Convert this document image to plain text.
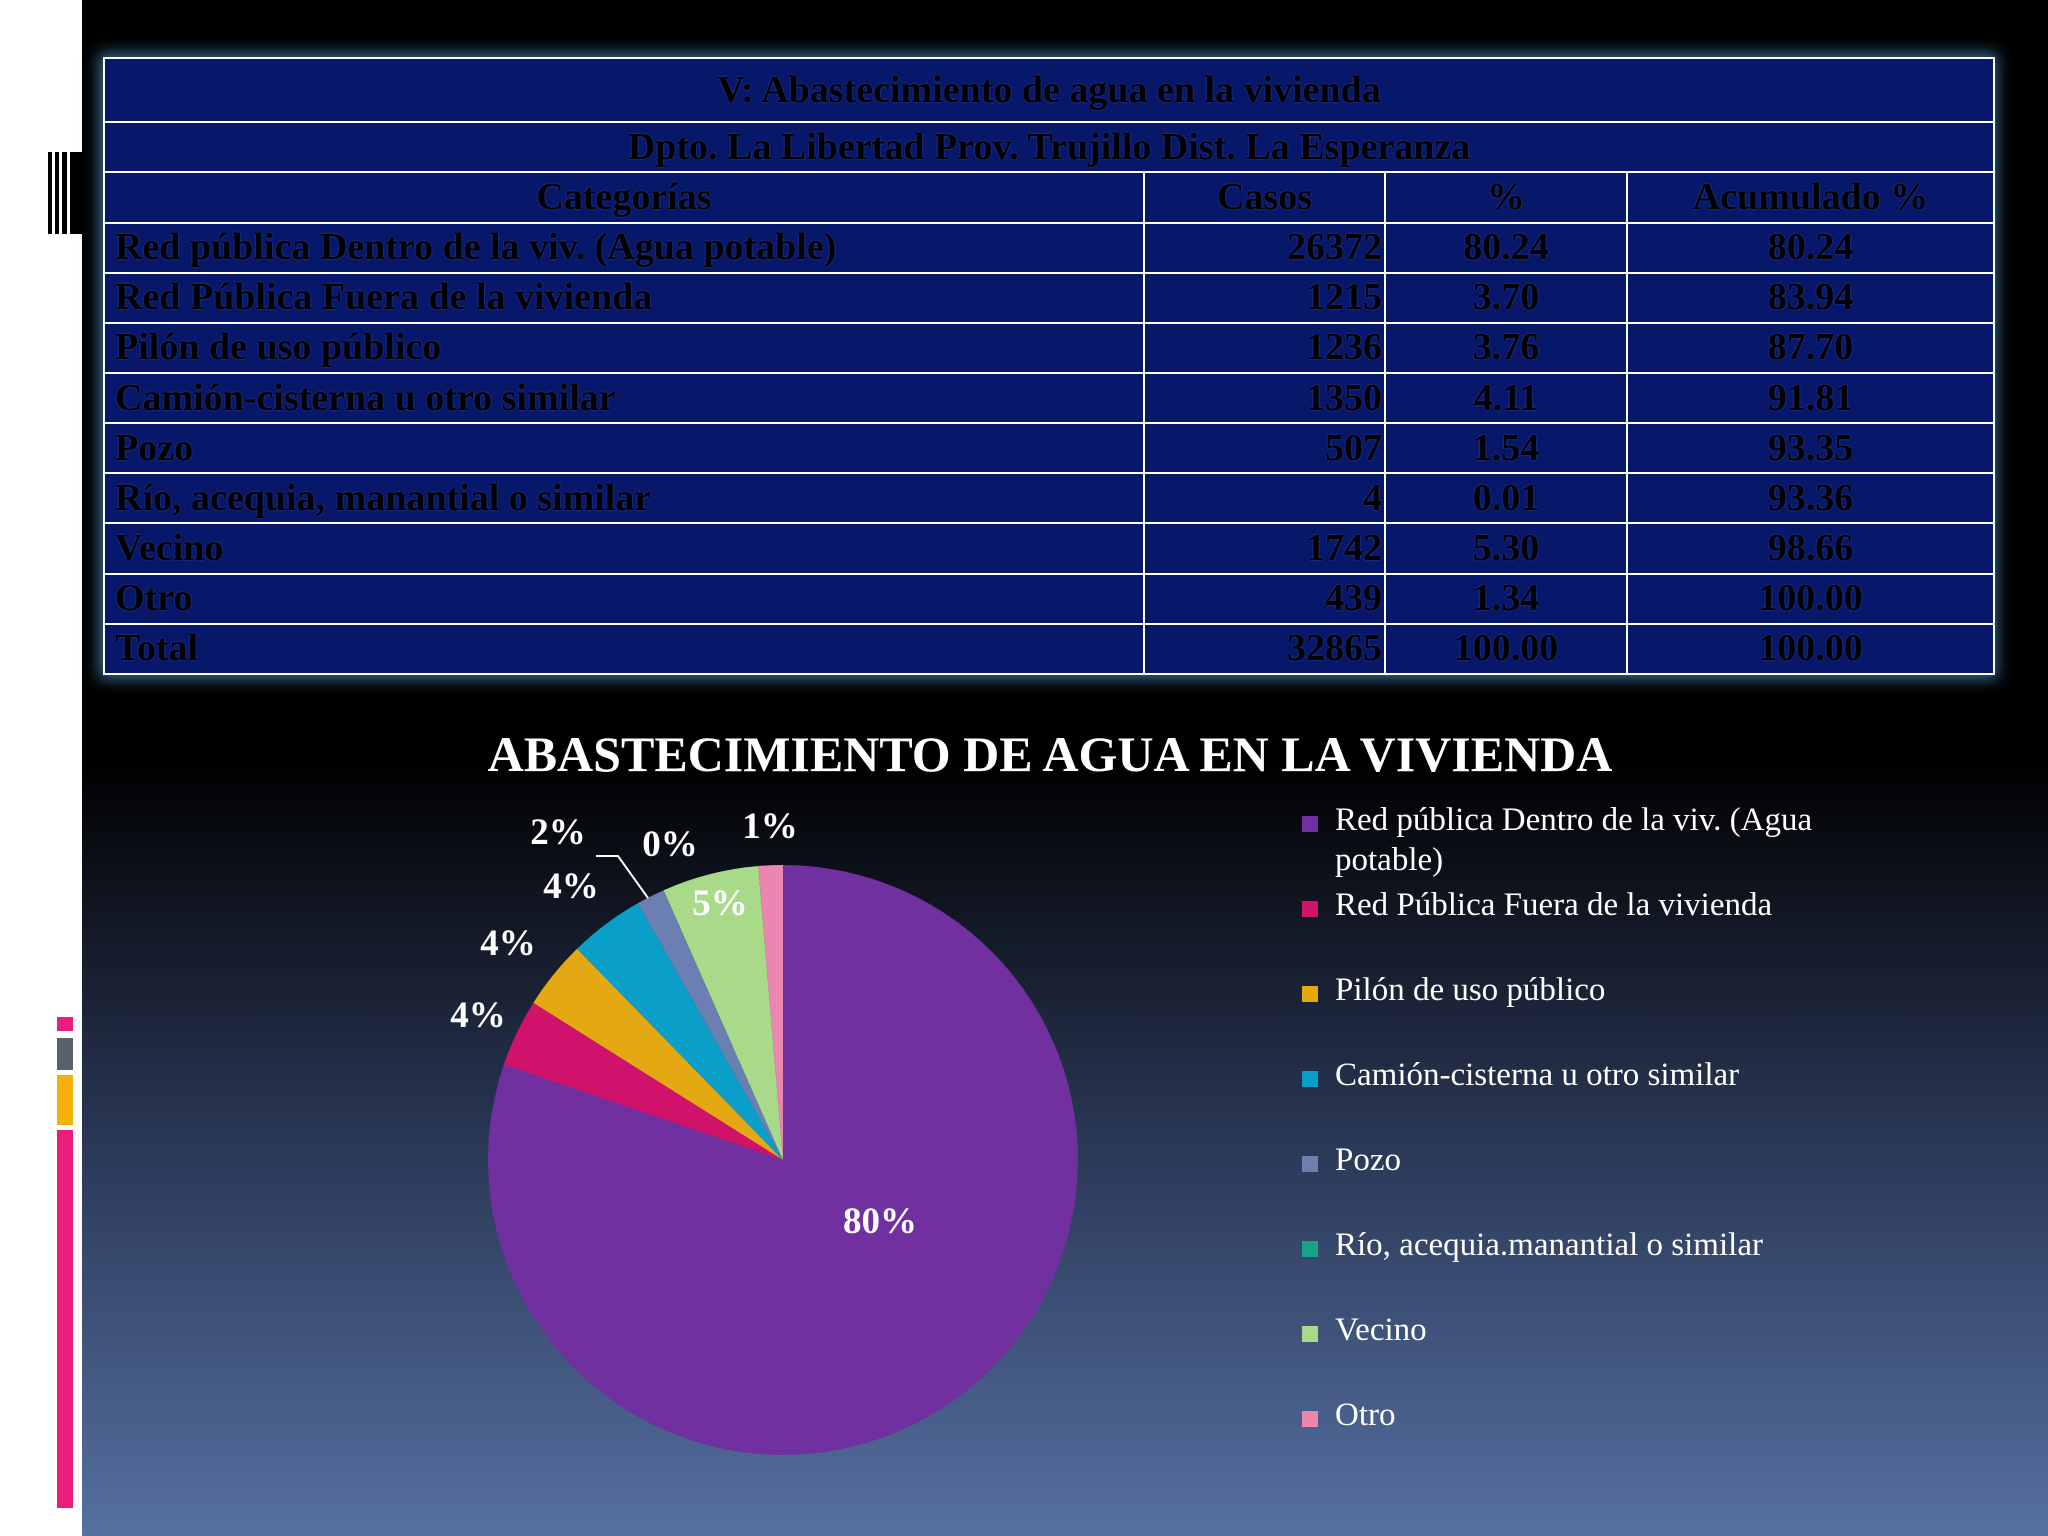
V: Abastecimiento de agua en la vivienda			
Dpto. La Libertad Prov. Trujillo Dist. La Esperanza			
Categorías	Casos	%	Acumulado %
Red pública Dentro de la viv. (Agua potable)	26372	80.24	80.24
Red Pública Fuera de la vivienda	1215	3.70	83.94
Pilón de uso público	1236	3.76	87.70
Camión-cisterna u otro similar	1350	4.11	91.81
Pozo	507	1.54	93.35
Río, acequia, manantial o similar	4	0.01	93.36
Vecino	1742	5.30	98.66
Otro	439	1.34	100.00
Total	32865	100.00	100.00
ABASTECIMIENTO DE AGUA EN LA VIVIENDA
80%
4%
4%
4%
2% 0%
5%
1%	Red pública Dentro de la viv. (Agua potable)
Red Pública Fuera de la vivienda
Pilón de uso público
Camión-cisterna u otro similar
Pozo
Río, acequia.manantial o similar
Vecino
Otro
